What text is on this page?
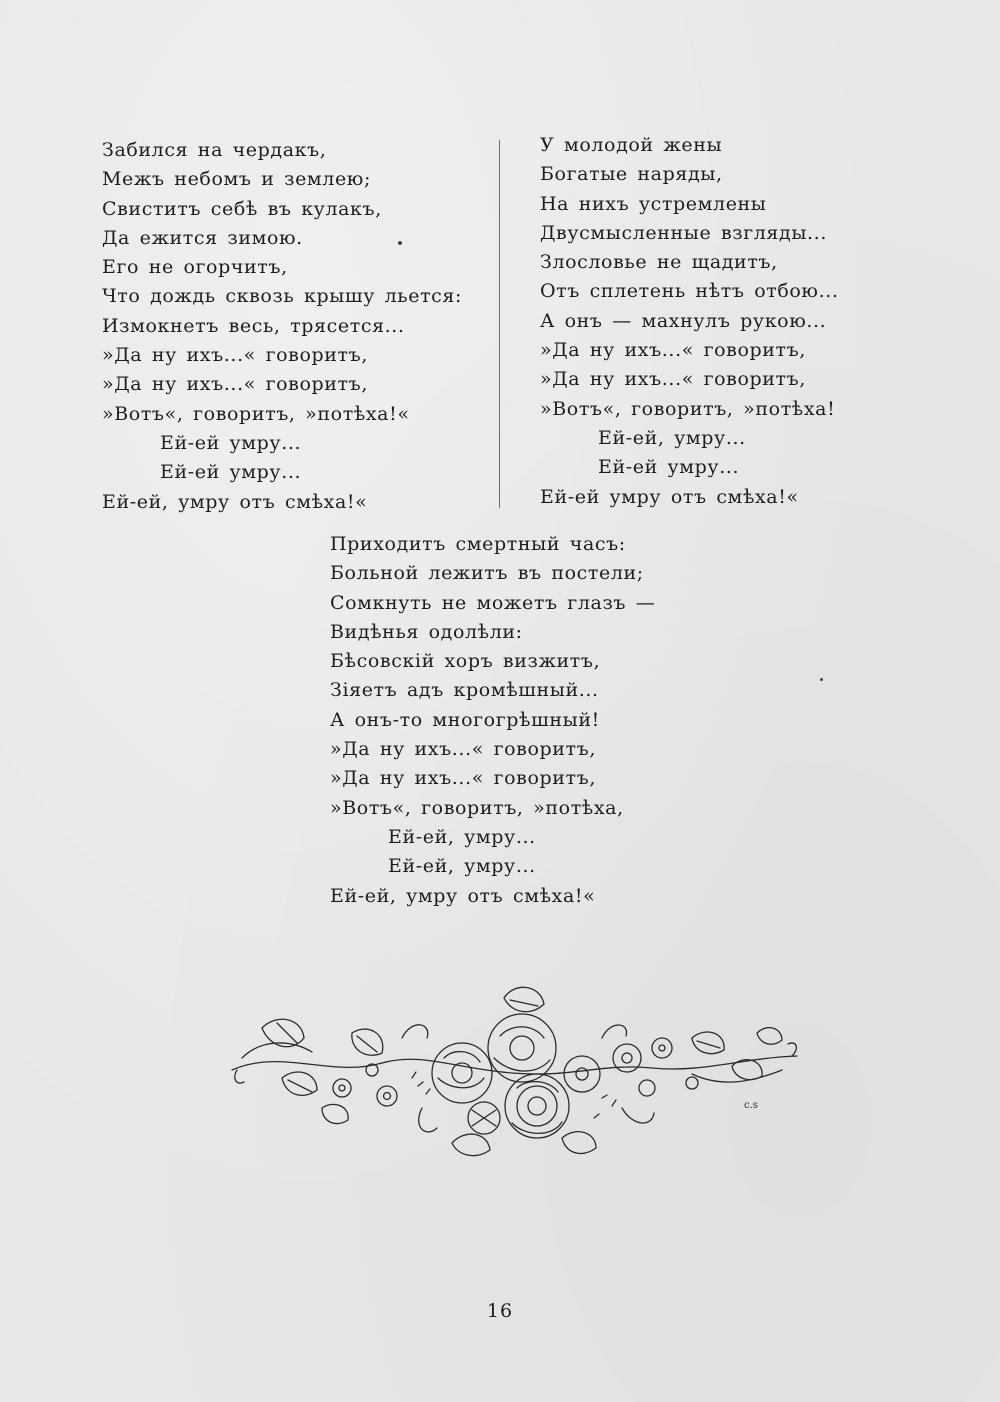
Забился на чердакъ,
Межъ небомъ и землею;
Свиститъ себѣ въ кулакъ,
Да ежится зимою.
Его не огорчитъ,
Что дождь сквозь крышу льется:
Измокнетъ весь, трясется...
»Да ну ихъ...« говоритъ,
»Да ну ихъ...« говоритъ,
»Вотъ«, говоритъ, »потѣха!«
Ей-ей умру...
Ей-ей умру...
Ей-ей, умру отъ смѣха!«
У молодой жены
Богатые наряды,
На нихъ устремлены
Двусмысленные взгляды...
Злословье не щадитъ,
Отъ сплетень нѣтъ отбою...
А онъ — махнулъ рукою...
»Да ну ихъ...« говоритъ,
»Да ну ихъ...« говоритъ,
»Вотъ«, говоритъ, »потѣха!
Ей-ей, умру...
Ей-ей умру...
Ей-ей умру отъ смѣха!«
Приходитъ смертный часъ:
Больной лежитъ въ постели;
Сомкнуть не можетъ глазъ —
Видѣнья одолѣли:
Бѣсовскій хоръ визжитъ,
Зіяетъ адъ кромѣшный...
А онъ-то многогрѣшный!
»Да ну ихъ...« говоритъ,
»Да ну ихъ...« говоритъ,
»Вотъ«, говоритъ, »потѣха,
Ей-ей, умру...
Ей-ей, умру...
Ей-ей, умру отъ смѣха!«
c.s
16
